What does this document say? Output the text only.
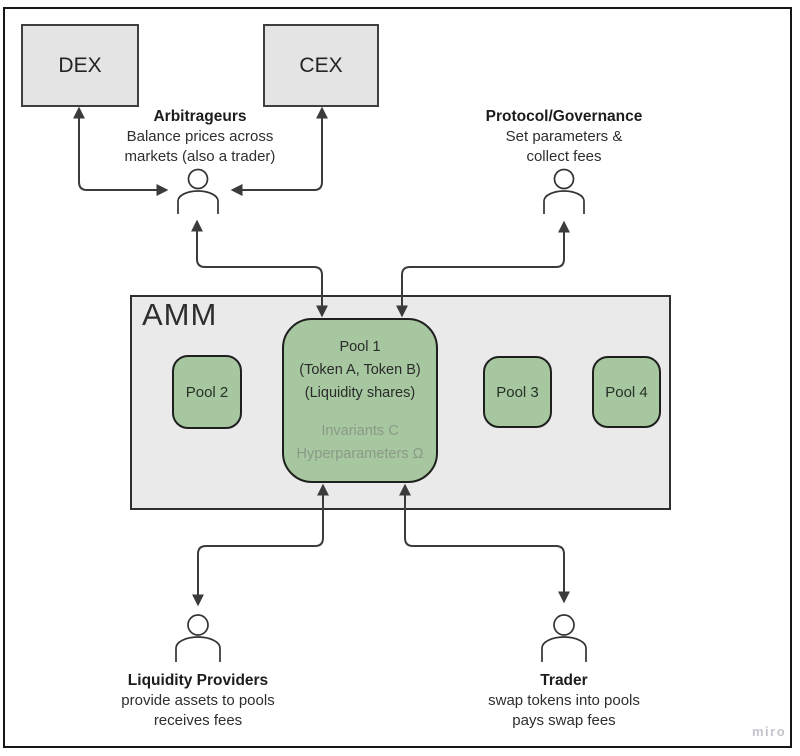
DEX	CEX
AMM
Pool 2	Pool 3	Pool 4
Pool 1
(Token A, Token B)
(Liquidity shares)
Invariants C
Hyperparameters Ω
Arbitrageurs
Balance prices across
markets (also a trader)
Protocol/Governance
Set parameters &
collect fees
Liquidity Providers
provide assets to pools
receives fees
Trader
swap tokens into pools
pays swap fees
miro
